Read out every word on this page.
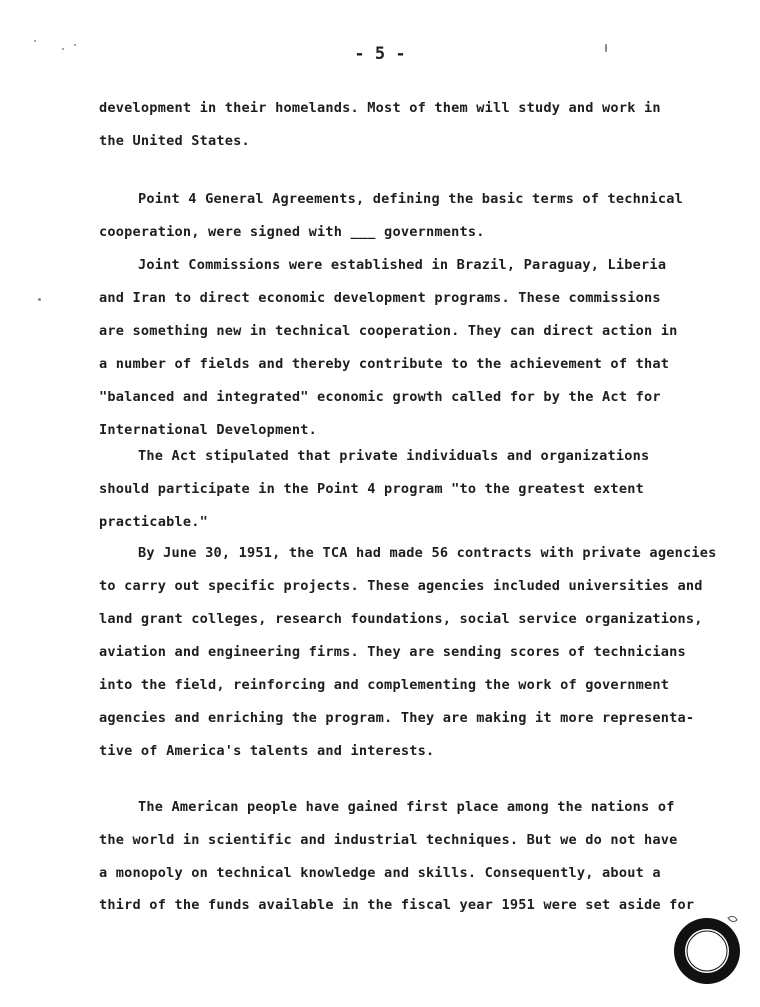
- 5 -
development in their homelands. Most of them will study and work in
the United States.
Point 4 General Agreements, defining the basic terms of technical
cooperation, were signed with ___ governments.
Joint Commissions were established in Brazil, Paraguay, Liberia
and Iran to direct economic development programs. These commissions
are something new in technical cooperation. They can direct action in
a number of fields and thereby contribute to the achievement of that
"balanced and integrated" economic growth called for by the Act for
International Development.
The Act stipulated that private individuals and organizations
should participate in the Point 4 program "to the greatest extent
practicable."
By June 30, 1951, the TCA had made 56 contracts with private agencies
to carry out specific projects. These agencies included universities and
land grant colleges, research foundations, social service organizations,
aviation and engineering firms. They are sending scores of technicians
into the field, reinforcing and complementing the work of government
agencies and enriching the program. They are making it more representa-
tive of America's talents and interests.
The American people have gained first place among the nations of
the world in scientific and industrial techniques. But we do not have
a monopoly on technical knowledge and skills. Consequently, about a
third of the funds available in the fiscal year 1951 were set aside for
